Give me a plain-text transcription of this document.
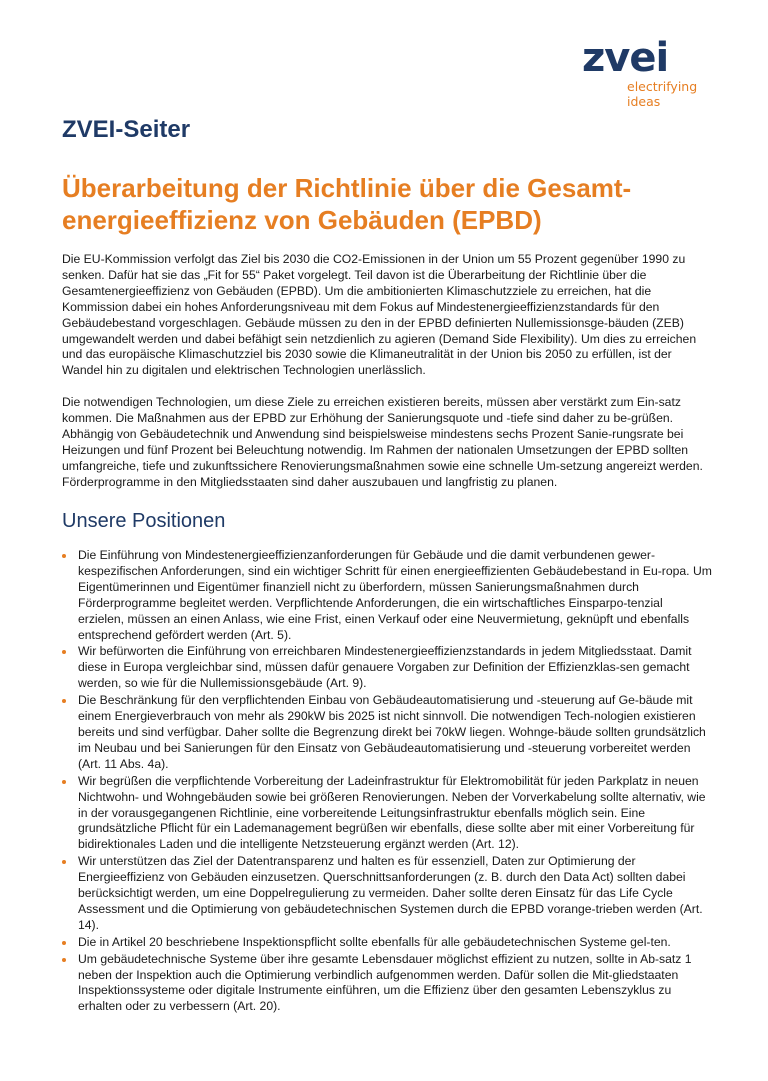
zvei
electrifying
ideas
ZVEI-Seiter
Überarbeitung der Richtlinie über die Gesamt-
energieeffizienz von Gebäuden (EPBD)

Die EU-Kommission verfolgt das Ziel bis 2030 die CO2-Emissionen in der Union um 55 Prozent gegenüber 1990 zu senken. Dafür hat sie das „Fit for 55“ Paket vorgelegt. Teil davon ist die Überarbeitung der Richtlinie über die Gesamtenergieeffizienz von Gebäuden (EPBD). Um die ambitionierten Klimaschutzziele zu erreichen, hat die Kommission dabei ein hohes Anforderungsniveau mit dem Fokus auf Mindestenergieeffizienzstandards für den Gebäudebestand vorgeschlagen. Gebäude müssen zu den in der EPBD definierten Nullemissionsge-bäuden (ZEB) umgewandelt werden und dabei befähigt sein netzdienlich zu agieren (Demand Side Flexibility). Um dies zu erreichen und das europäische Klimaschutzziel bis 2030 sowie die Klimaneutralität in der Union bis 2050 zu erfüllen, ist der Wandel hin zu digitalen und elektrischen Technologien unerlässlich.

Die notwendigen Technologien, um diese Ziele zu erreichen existieren bereits, müssen aber verstärkt zum Ein-satz kommen. Die Maßnahmen aus der EPBD zur Erhöhung der Sanierungsquote und -tiefe sind daher zu be-grüßen. Abhängig von Gebäudetechnik und Anwendung sind beispielsweise mindestens sechs Prozent Sanie-rungsrate bei Heizungen und fünf Prozent bei Beleuchtung notwendig. Im Rahmen der nationalen Umsetzungen der EPBD sollten umfangreiche, tiefe und zukunftssichere Renovierungsmaßnahmen sowie eine schnelle Um-setzung angereizt werden. Förderprogramme in den Mitgliedsstaaten sind daher auszubauen und langfristig zu planen.

Unsere Positionen
Die Einführung von Mindestenergieeffizienzanforderungen für Gebäude und die damit verbundenen gewer-kespezifischen Anforderungen, sind ein wichtiger Schritt für einen energieeffizienten Gebäudebestand in Eu-ropa. Um Eigentümerinnen und Eigentümer finanziell nicht zu überfordern, müssen Sanierungsmaßnahmen durch Förderprogramme begleitet werden. Verpflichtende Anforderungen, die ein wirtschaftliches Einsparpo-tenzial erzielen, müssen an einen Anlass, wie eine Frist, einen Verkauf oder eine Neuvermietung, geknüpft und ebenfalls entsprechend gefördert werden (Art. 5).
Wir befürworten die Einführung von erreichbaren Mindestenergieeffizienzstandards in jedem Mitgliedsstaat. Damit diese in Europa vergleichbar sind, müssen dafür genauere Vorgaben zur Definition der Effizienzklas-sen gemacht werden, so wie für die Nullemissionsgebäude (Art. 9).
Die Beschränkung für den verpflichtenden Einbau von Gebäudeautomatisierung und -steuerung auf Ge-bäude mit einem Energieverbrauch von mehr als 290kW bis 2025 ist nicht sinnvoll. Die notwendigen Tech-nologien existieren bereits und sind verfügbar. Daher sollte die Begrenzung direkt bei 70kW liegen. Wohnge-bäude sollten grundsätzlich im Neubau und bei Sanierungen für den Einsatz von Gebäudeautomatisierung und -steuerung vorbereitet werden (Art. 11 Abs. 4a).
Wir begrüßen die verpflichtende Vorbereitung der Ladeinfrastruktur für Elektromobilität für jeden Parkplatz in neuen Nichtwohn- und Wohngebäuden sowie bei größeren Renovierungen. Neben der Vorverkabelung sollte alternativ, wie in der vorausgegangenen Richtlinie, eine vorbereitende Leitungsinfrastruktur ebenfalls möglich sein. Eine grundsätzliche Pflicht für ein Lademanagement begrüßen wir ebenfalls, diese sollte aber mit einer Vorbereitung für bidirektionales Laden und die intelligente Netzsteuerung ergänzt werden (Art. 12).
Wir unterstützen das Ziel der Datentransparenz und halten es für essenziell, Daten zur Optimierung der Energieeffizienz von Gebäuden einzusetzen. Querschnittsanforderungen (z. B. durch den Data Act) sollten dabei berücksichtigt werden, um eine Doppelregulierung zu vermeiden. Daher sollte deren Einsatz für das Life Cycle Assessment und die Optimierung von gebäudetechnischen Systemen durch die EPBD vorange-trieben werden (Art. 14).
Die in Artikel 20 beschriebene Inspektionspflicht sollte ebenfalls für alle gebäudetechnischen Systeme gel-ten.
Um gebäudetechnische Systeme über ihre gesamte Lebensdauer möglichst effizient zu nutzen, sollte in Ab-satz 1 neben der Inspektion auch die Optimierung verbindlich aufgenommen werden. Dafür sollen die Mit-gliedstaaten Inspektionssysteme oder digitale Instrumente einführen, um die Effizienz über den gesamten Lebenszyklus zu erhalten oder zu verbessern (Art. 20).
